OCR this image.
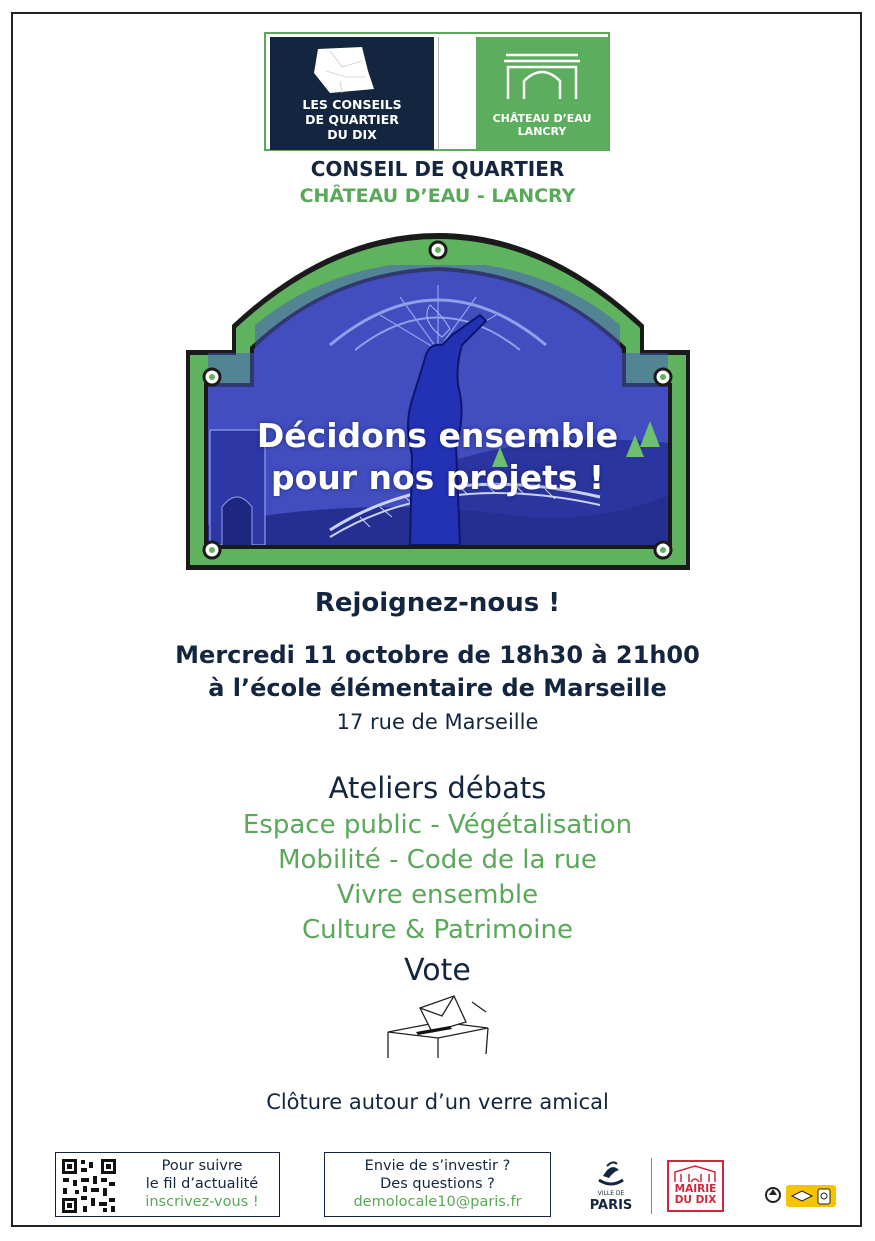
LES CONSEILS
DE QUARTIER
DU DIX
CHÂTEAU D’EAU
LANCRY
CONSEIL DE QUARTIER
CHÂTEAU D’EAU - LANCRY
Décidons ensemble
pour nos projets !
Rejoignez-nous !
Mercredi 11 octobre de 18h30 à 21h00
à l’école élémentaire de Marseille
17 rue de Marseille
Ateliers débats
Espace public - Végétalisation
Mobilité - Code de la rue
Vivre ensemble
Culture & Patrimoine
Vote
Clôture autour d’un verre amical
Pour suivre
le fil d’actualité
inscrivez-vous !
Envie de s’investir ?
Des questions ?
demolocale10@paris.fr
VILLE DE
PARIS
MAIRIE
DU DIX
